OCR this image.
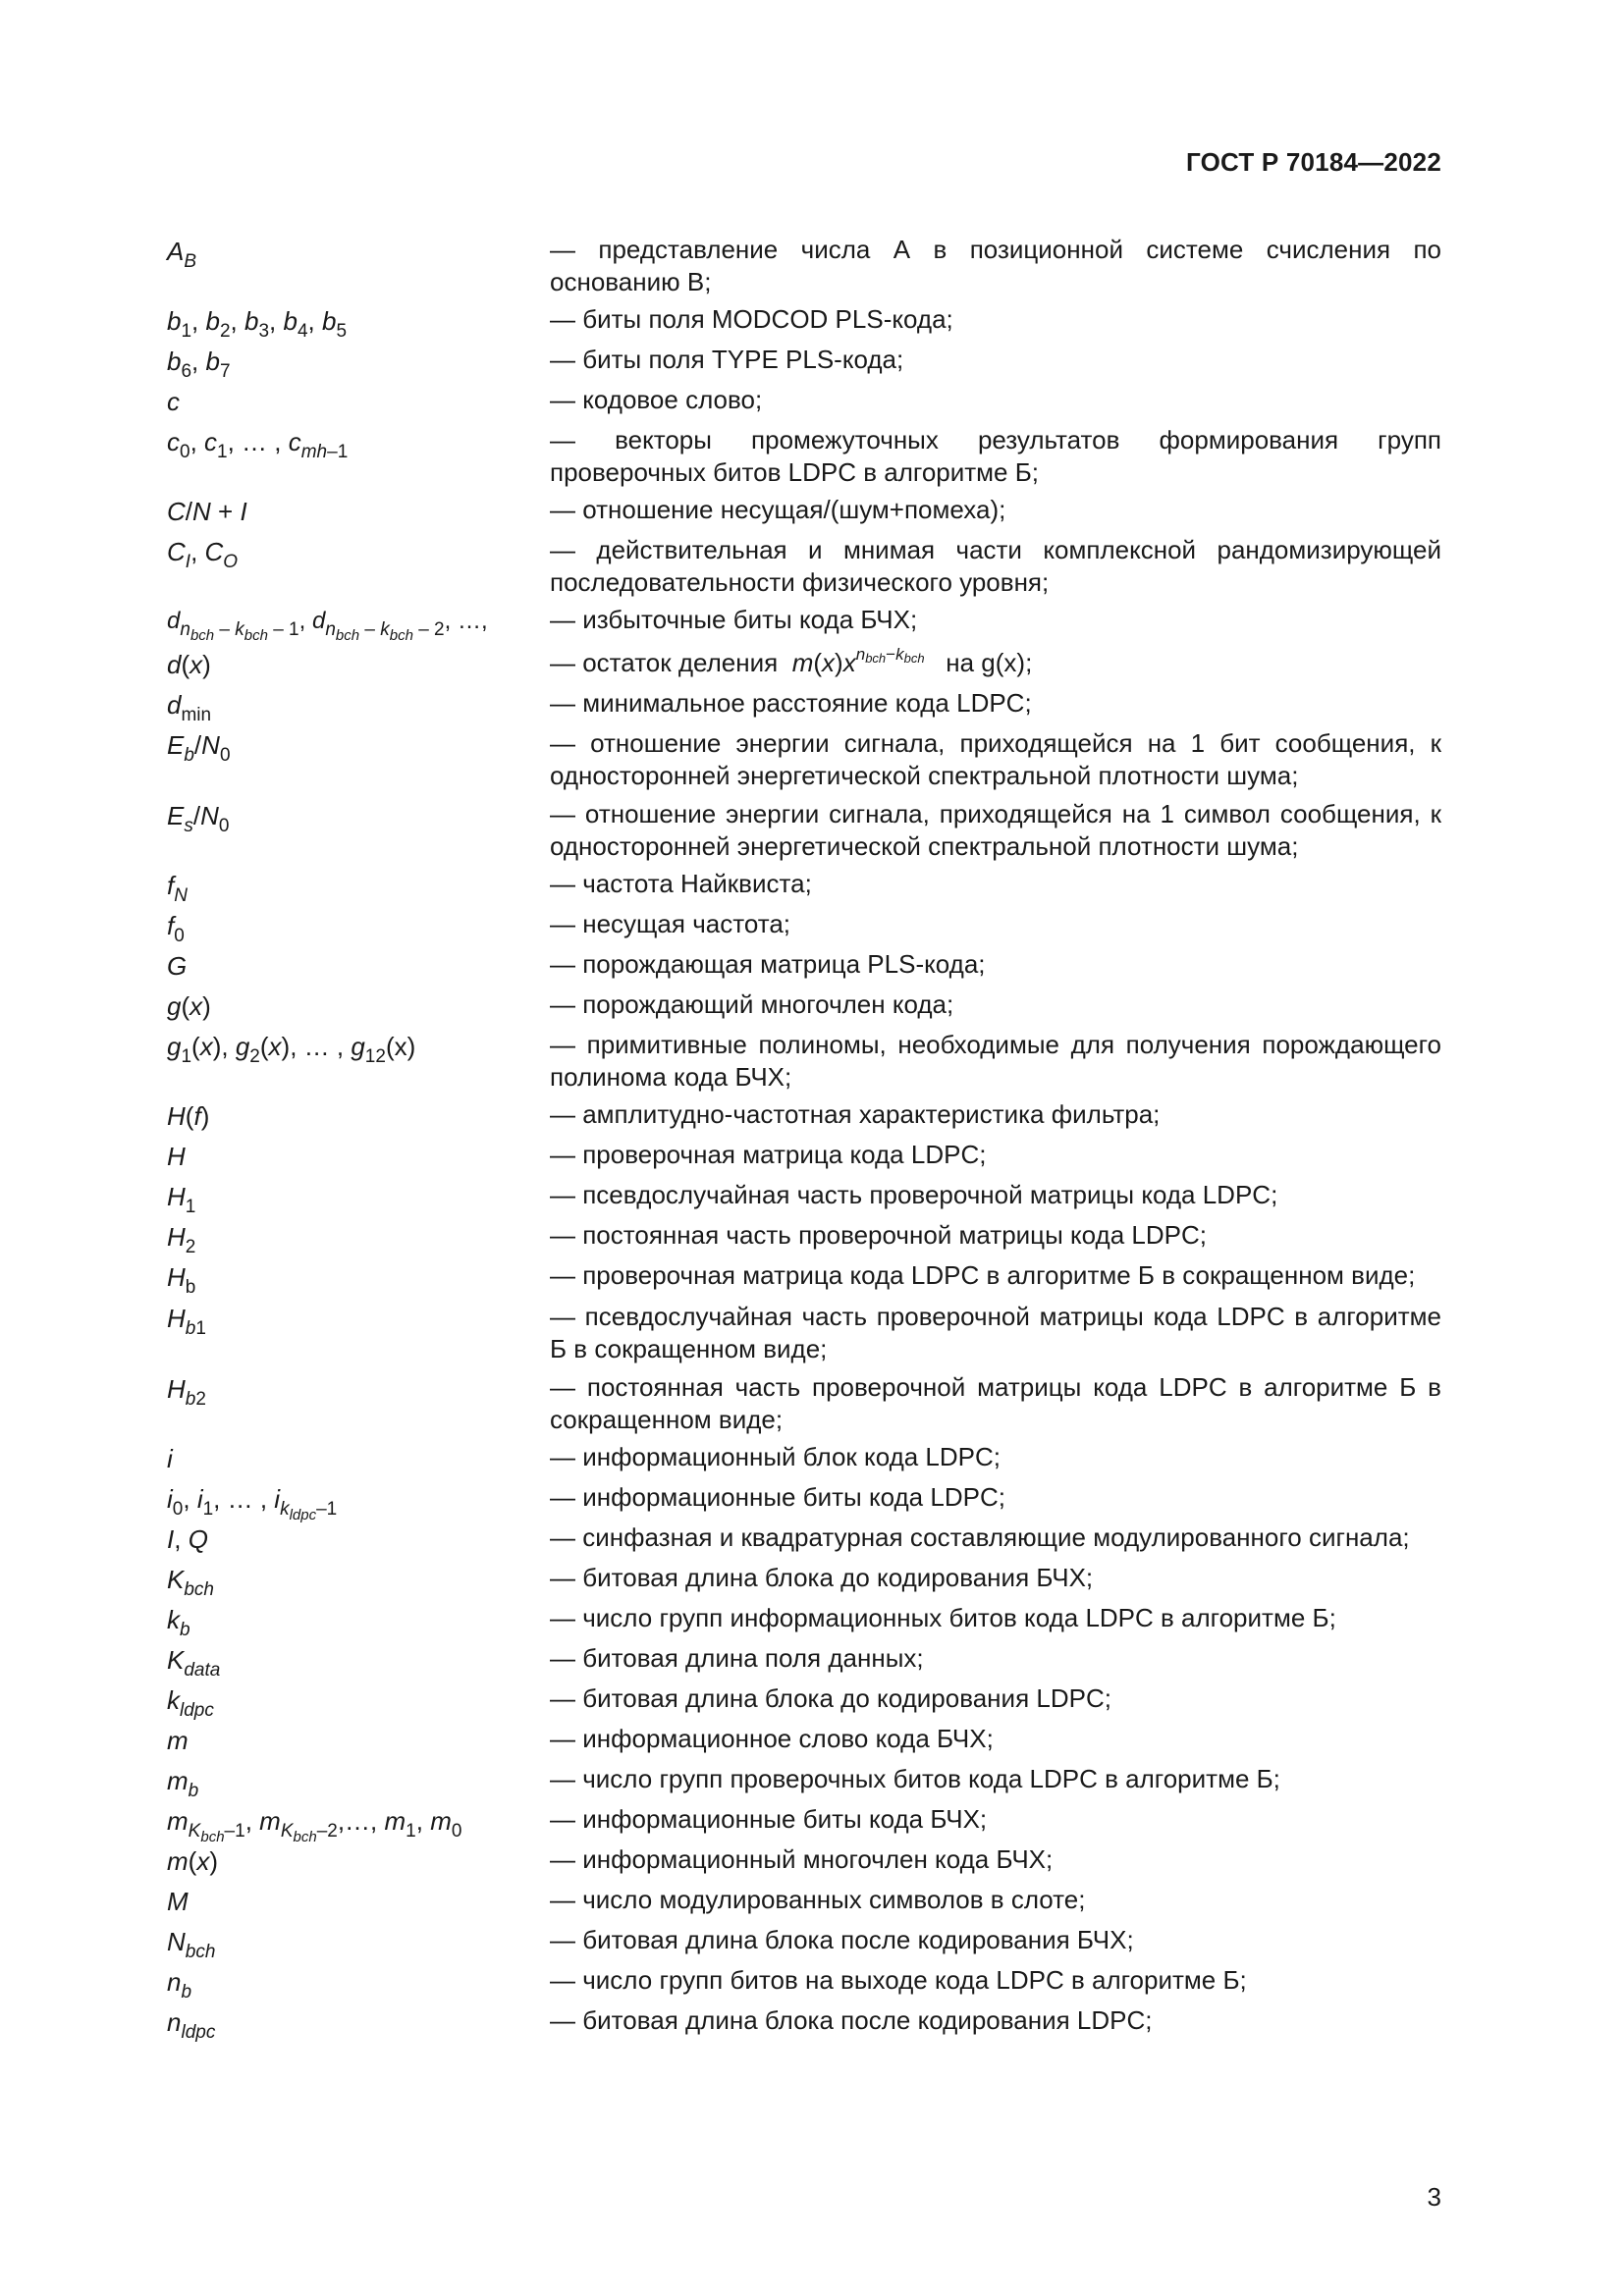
ГОСТ Р 70184—2022
$A_B$	— представление числа А в позиционной системе счисления по основанию В;
$b_1$, $b_2$, $b_3$, $b_4$, $b_5$	— биты поля MODCOD PLS-кода;
$b_6$, $b_7$	— биты поля TYPE PLS-кода;
c	— кодовое слово;
$c_0$, $c_1$, … , $c_{mh-1}$	— векторы промежуточных результатов формирования групп проверочных битов LDPC в алгоритме Б;
C/N + I	— отношение несущая/(шум+помеха);
$C_I$, $C_O$	— действительная и мнимая части комплексной рандомизирующей последовательности физического уровня;
$d_{n_{bch} - k_{bch} - 1}$, $d_{n_{bch} - k_{bch} - 2}$, …,	— избыточные биты кода БЧХ;
d(x)	— остаток деления $m(x)x^{n_{bch}-k_{bch}}$ на g(x);
$d_{min}$	— минимальное расстояние кода LDPC;
$E_b/N_0$	— отношение энергии сигнала, приходящейся на 1 бит сообщения, к односторонней энергетической спектральной плотности шума;
$E_s/N_0$	— отношение энергии сигнала, приходящейся на 1 символ сообщения, к односторонней энергетической спектральной плотности шума;
$f_N$	— частота Найквиста;
$f_0$	— несущая частота;
G	— порождающая матрица PLS-кода;
g(x)	— порождающий многочлен кода;
$g_1(x)$, $g_2(x)$, … , $g_{12}(x)$	— примитивные полиномы, необходимые для получения порождающего полинома кода БЧХ;
H(f)	— амплитудно-частотная характеристика фильтра;
H	— проверочная матрица кода LDPC;
$H_1$	— псевдослучайная часть проверочной матрицы кода LDPC;
$H_2$	— постоянная часть проверочной матрицы кода LDPC;
$H_b$	— проверочная матрица кода LDPC в алгоритме Б в сокращенном виде;
$H_{b1}$	— псевдослучайная часть проверочной матрицы кода LDPC в алгоритме Б в сокращенном виде;
$H_{b2}$	— постоянная часть проверочной матрицы кода LDPC в алгоритме Б в сокращенном виде;
i	— информационный блок кода LDPC;
$i_0$, $i_1$, … , $i_{k_{ldpc}-1}$	— информационные биты кода LDPC;
I, Q	— синфазная и квадратурная составляющие модулированного сигнала;
$K_{bch}$	— битовая длина блока до кодирования БЧХ;
$k_b$	— число групп информационных битов кода LDPC в алгоритме Б;
$K_{data}$	— битовая длина поля данных;
$k_{ldpc}$	— битовая длина блока до кодирования LDPC;
m	— информационное слово кода БЧХ;
$m_b$	— число групп проверочных битов кода LDPC в алгоритме Б;
$m_{K_{bch}-1}$, $m_{K_{bch}-2},\dots$, $m_1$, $m_0$	— информационные биты кода БЧХ;
m(x)	— информационный многочлен кода БЧХ;
M	— число модулированных символов в слоте;
$N_{bch}$	— битовая длина блока после кодирования БЧХ;
$n_b$	— число групп битов на выходе кода LDPC в алгоритме Б;
$n_{ldpc}$	— битовая длина блока после кодирования LDPC;
3
